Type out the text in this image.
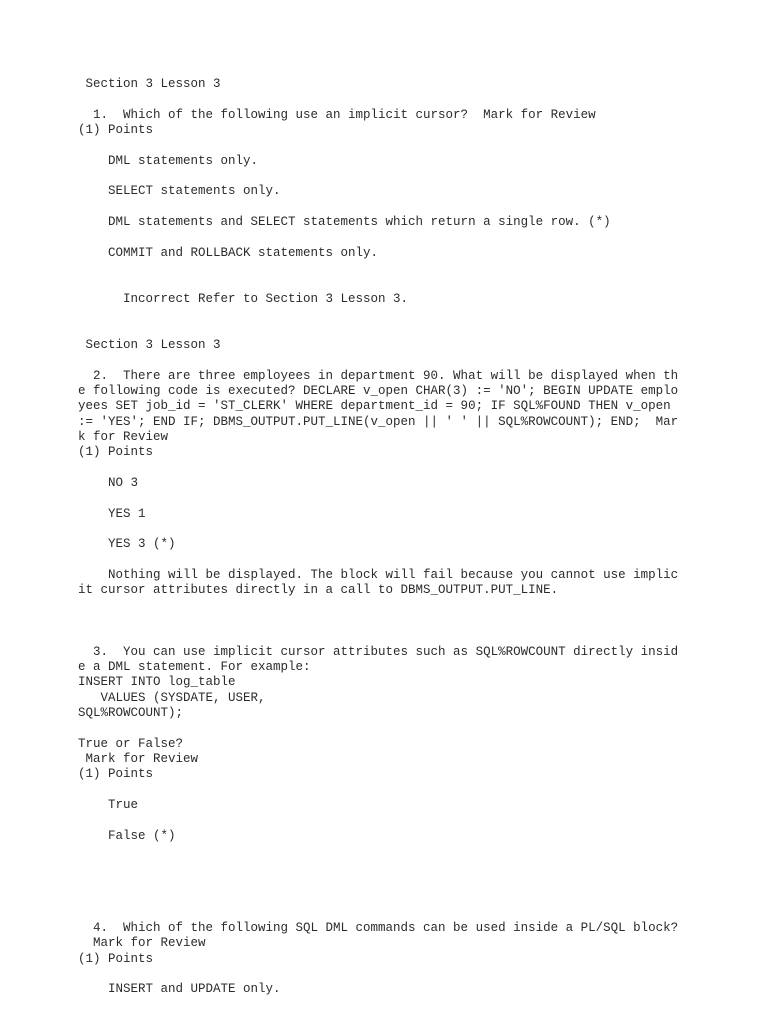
Section 3 Lesson 3

1.  Which of the following use an implicit cursor?  Mark for Review
(1) Points

DML statements only.

SELECT statements only.

DML statements and SELECT statements which return a single row. (*)

COMMIT and ROLLBACK statements only.

Incorrect Refer to Section 3 Lesson 3.

Section 3 Lesson 3

2.  There are three employees in department 90. What will be displayed when th
e following code is executed? DECLARE v_open CHAR(3) := 'NO'; BEGIN UPDATE emplo
yees SET job_id = 'ST_CLERK' WHERE department_id = 90; IF SQL%FOUND THEN v_open
:= 'YES'; END IF; DBMS_OUTPUT.PUT_LINE(v_open || ' ' || SQL%ROWCOUNT); END;  Mar
k for Review
(1) Points

NO 3

YES 1

YES 3 (*)

Nothing will be displayed. The block will fail because you cannot use implic
it cursor attributes directly in a call to DBMS_OUTPUT.PUT_LINE.

3.  You can use implicit cursor attributes such as SQL%ROWCOUNT directly insid
e a DML statement. For example:
INSERT INTO log_table
VALUES (SYSDATE, USER,
SQL%ROWCOUNT);

True or False?
Mark for Review
(1) Points

True

False (*)

4.  Which of the following SQL DML commands can be used inside a PL/SQL block?
Mark for Review
(1) Points

INSERT and UPDATE only.
